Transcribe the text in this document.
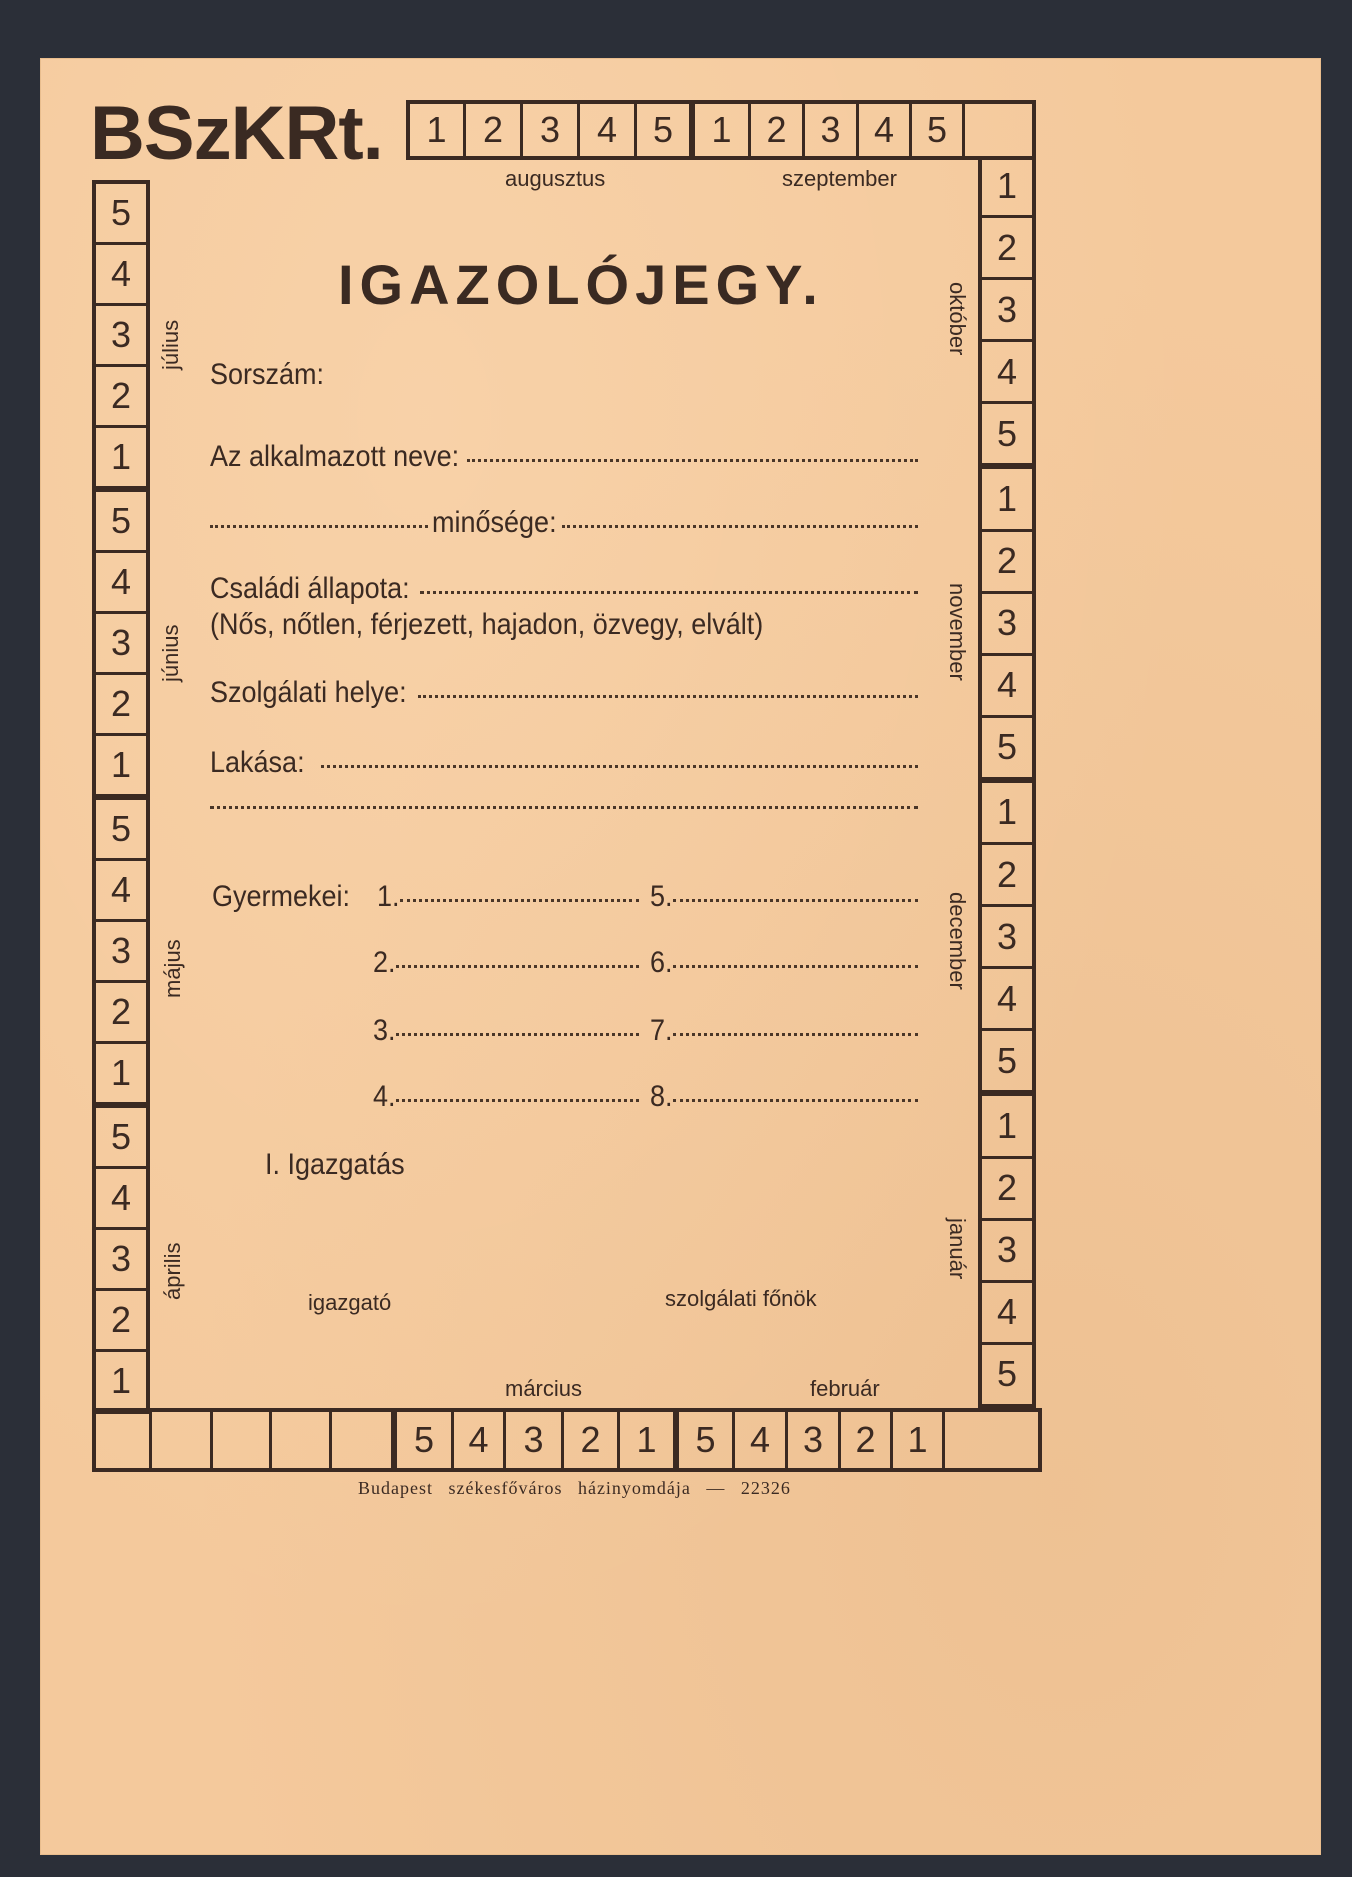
BSzKRt.	1	2	3	4 5	1 2 3 4 5
augusztus	szeptember
5
4
3
2
1
5
4
3
2
1
5
4
3
2
1
5
4
3
2
1
július
június
május
április
1
2
3
4
5
1
2
3
4
5
1
2
3
4
5
1
2
3
4
5
október
november
december
január
5 4 3	2 1	5 4 3 2 1
március	február
IGAZOLÓJEGY.
Sorszám:
Az alkalmazott neve:
minősége:
Családi állapota:
(Nős, nőtlen, férjezett, hajadon, özvegy, elvált)
Szolgálati helye:
Lakása:
Gyermekei: 1.	5.
2.	6.
3.	7.
4.	8.
I. Igazgatás
igazgató	szolgálati főnök
Budapest székesfőváros házinyomdája — 22326
